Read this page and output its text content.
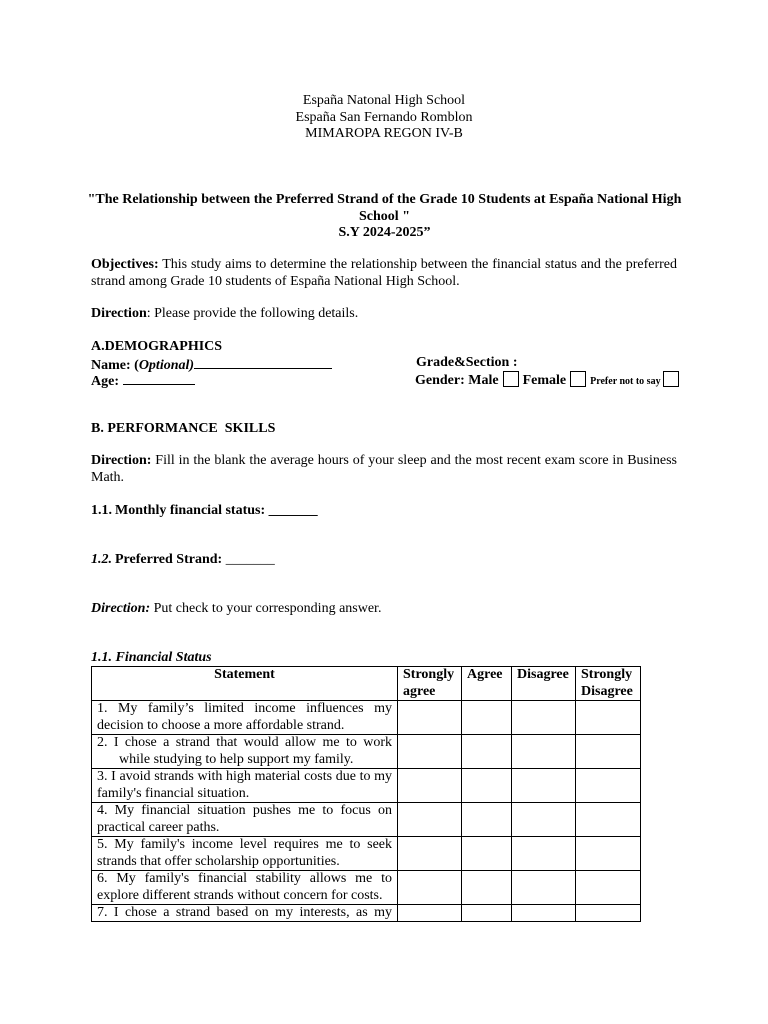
España Natonal High School
España San Fernando Romblon
MIMAROPA REGON IV-B
"The Relationship between the Preferred Strand of the Grade 10 Students at España National High
School "
S.Y 2024-2025”
Objectives: This study aims to determine the relationship between the financial status and the preferred strand among Grade 10 students of España National High School.
Direction: Please provide the following details.
A.DEMOGRAPHICS
Name: (Optional)	Grade&Section :
Age:	Gender: Male Female Prefer not to say
B. PERFORMANCE  SKILLS
Direction: Fill in the blank the average hours of your sleep and the most recent exam score in Business Math.
1.1. Monthly financial status: _______
1.2. Preferred Strand: _______
Direction: Put check to your corresponding answer.
1.1. Financial Status
Statement	Strongly agree	Agree	Disagree	Strongly Disagree
1. My family’s limited income influences my decision to choose a more affordable strand.				

2. I chose a strand that would allow me to work while studying to help support my family.				

3. I avoid strands with high material costs due to my family's financial situation.				
4. My financial situation pushes me to focus on practical career paths.				
5. My family's income level requires me to seek strands that offer scholarship opportunities.				
6. My family's financial stability allows me to explore different strands without concern for costs.				
7. I chose a strand based on my interests, as my				
